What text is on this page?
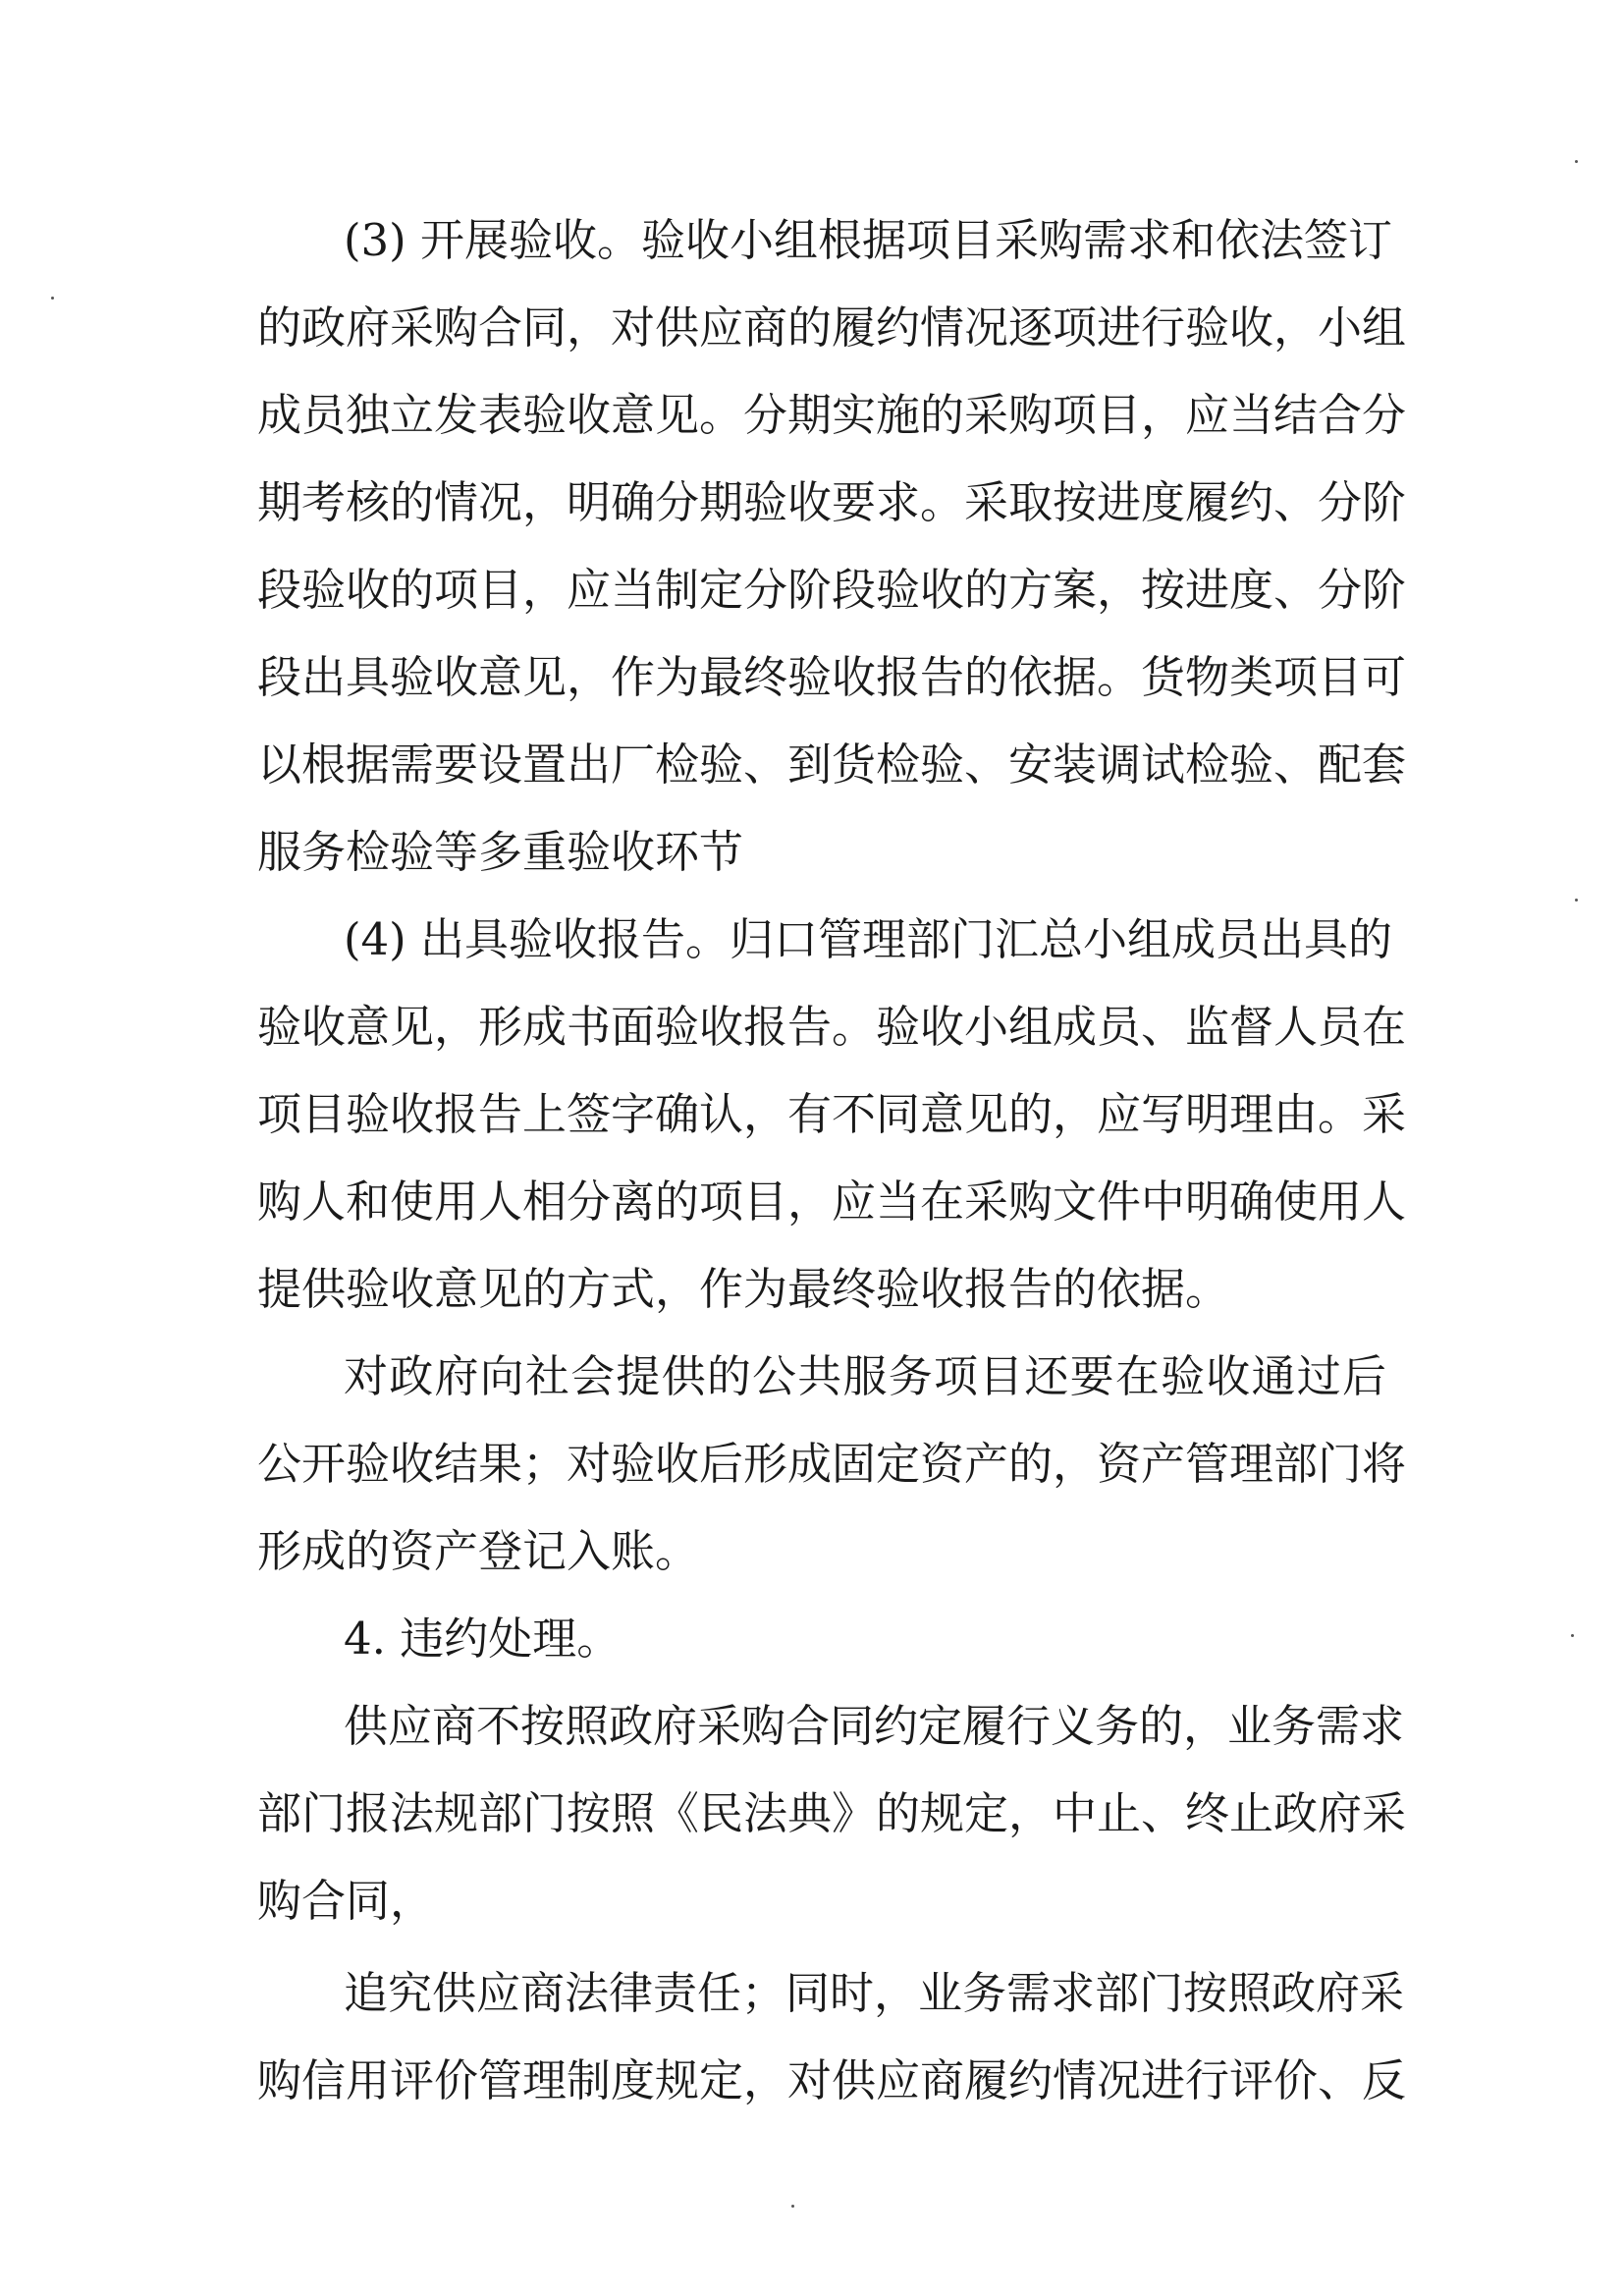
(3) 开展验收。验收小组根据项目采购需求和依法签订
的政府采购合同，对供应商的履约情况逐项进行验收，小组
成员独立发表验收意见。分期实施的采购项目，应当结合分
期考核的情况，明确分期验收要求。采取按进度履约、分阶
段验收的项目，应当制定分阶段验收的方案，按进度、分阶
段出具验收意见，作为最终验收报告的依据。货物类项目可
以根据需要设置出厂检验、到货检验、安装调试检验、配套
服务检验等多重验收环节
(4) 出具验收报告。归口管理部门汇总小组成员出具的
验收意见，形成书面验收报告。验收小组成员、监督人员在
项目验收报告上签字确认，有不同意见的，应写明理由。采
购人和使用人相分离的项目，应当在采购文件中明确使用人
提供验收意见的方式，作为最终验收报告的依据。
对政府向社会提供的公共服务项目还要在验收通过后
公开验收结果；对验收后形成固定资产的，资产管理部门将
形成的资产登记入账。
4. 违约处理。
供应商不按照政府采购合同约定履行义务的，业务需求
部门报法规部门按照《民法典》的规定，中止、终止政府采
购合同，
追究供应商法律责任；同时，业务需求部门按照政府采
购信用评价管理制度规定，对供应商履约情况进行评价、反
